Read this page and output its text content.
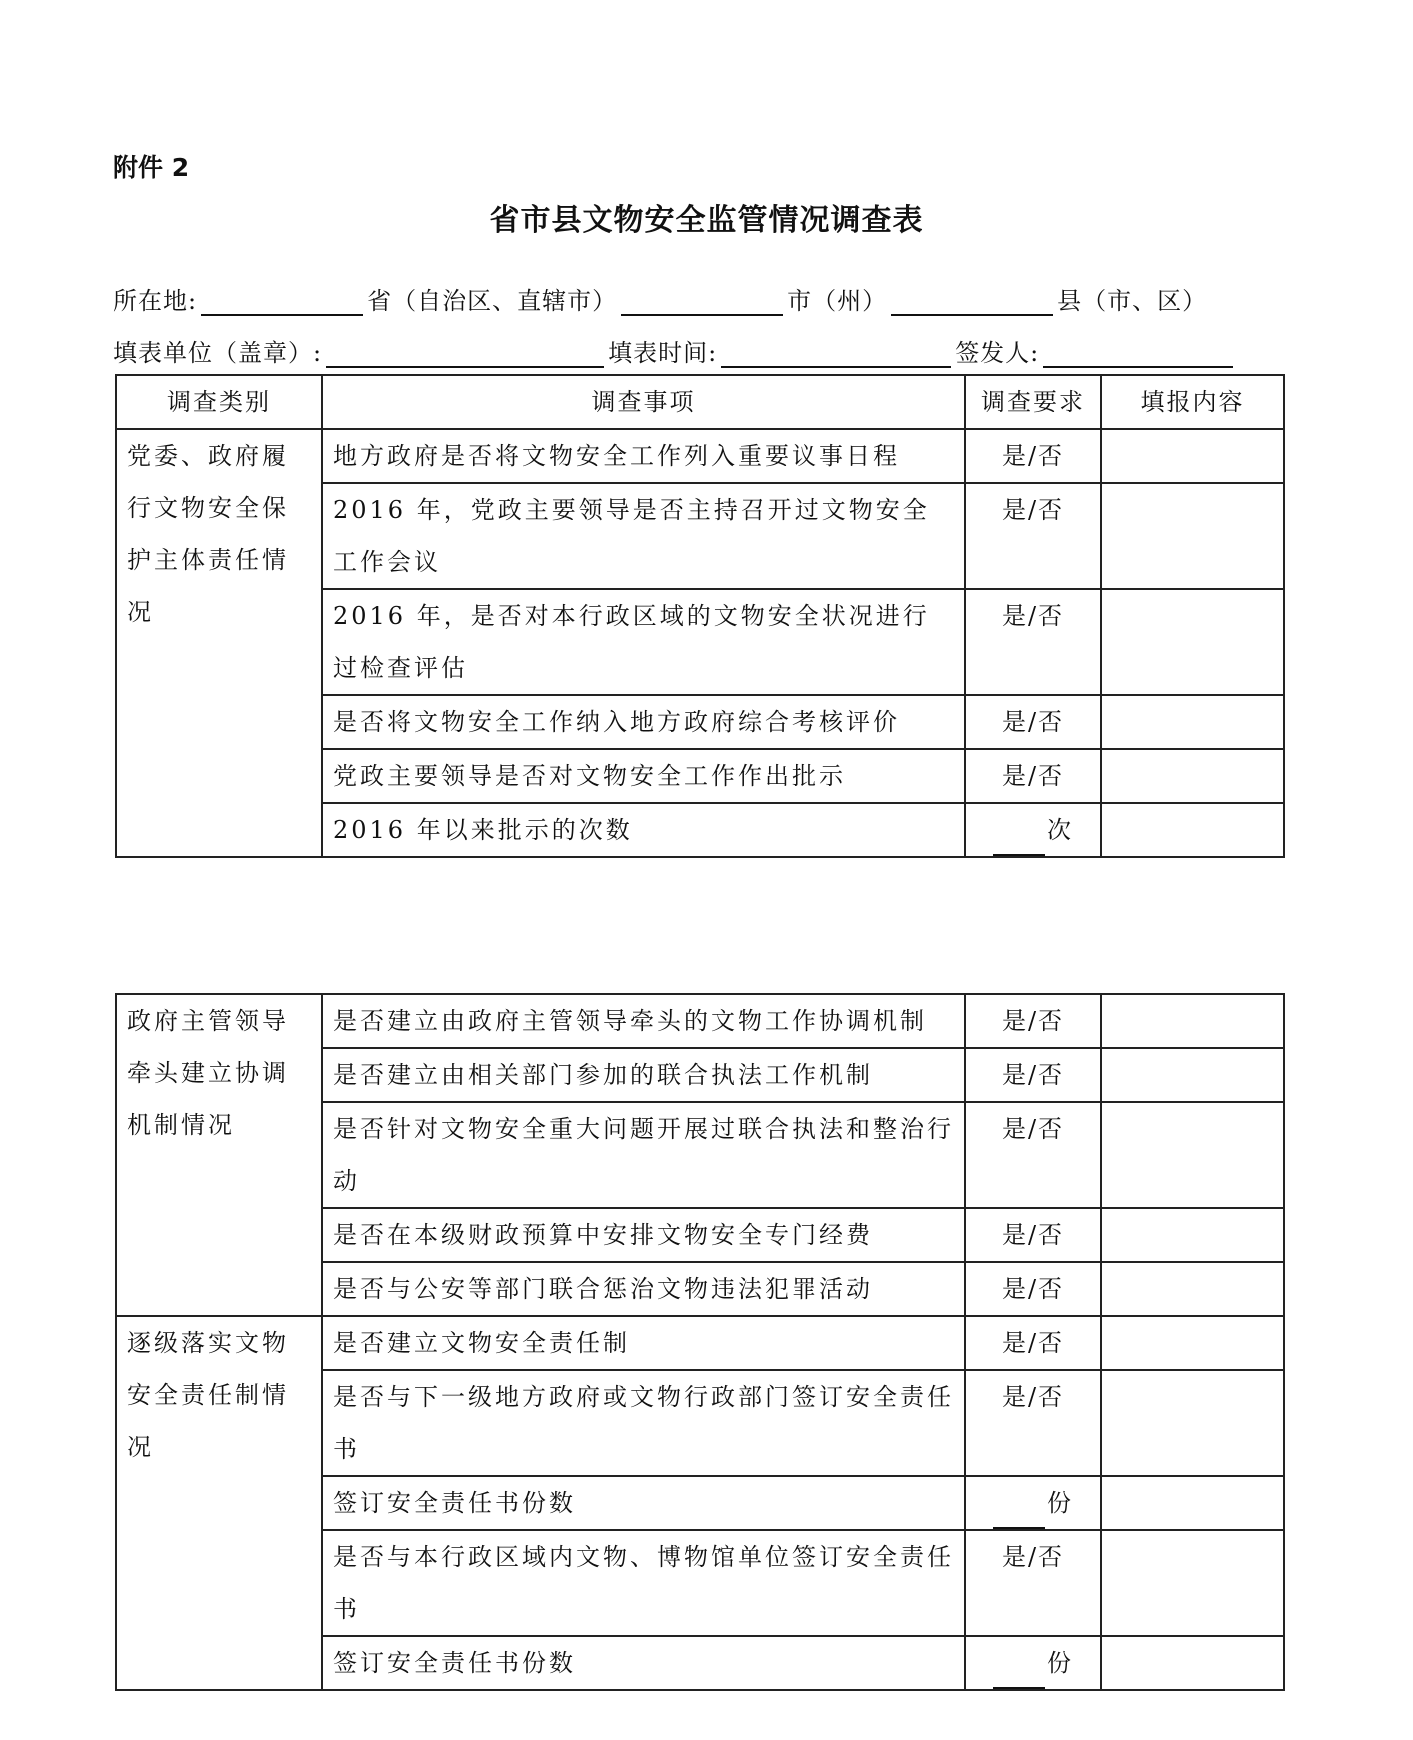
附件 2
省市县文物安全监管情况调查表
所在地:	省（自治区、直辖市）	市（州）	县（市、区）
填表单位（盖章）:	填表时间:	签发人:
调查类别	调查事项	调查要求	填报内容
党委、政府履行文物安全保护主体责任情况	地方政府是否将文物安全工作列入重要议事日程	是/否	
	2016 年，党政主要领导是否主持召开过文物安全工作会议	是/否	
	2016 年，是否对本行政区域的文物安全状况进行过检查评估	是/否	
	是否将文物安全工作纳入地方政府综合考核评价	是/否	
	党政主要领导是否对文物安全工作作出批示	是/否	
	2016 年以来批示的次数	次	
政府主管领导牵头建立协调机制情况	是否建立由政府主管领导牵头的文物工作协调机制	是/否	
	是否建立由相关部门参加的联合执法工作机制	是/否	
	是否针对文物安全重大问题开展过联合执法和整治行动	是/否	
	是否在本级财政预算中安排文物安全专门经费	是/否	
	是否与公安等部门联合惩治文物违法犯罪活动	是/否	
逐级落实文物安全责任制情况	是否建立文物安全责任制	是/否	
	是否与下一级地方政府或文物行政部门签订安全责任书	是/否	
	签订安全责任书份数	份	
	是否与本行政区域内文物、博物馆单位签订安全责任书	是/否	
	签订安全责任书份数	份	
